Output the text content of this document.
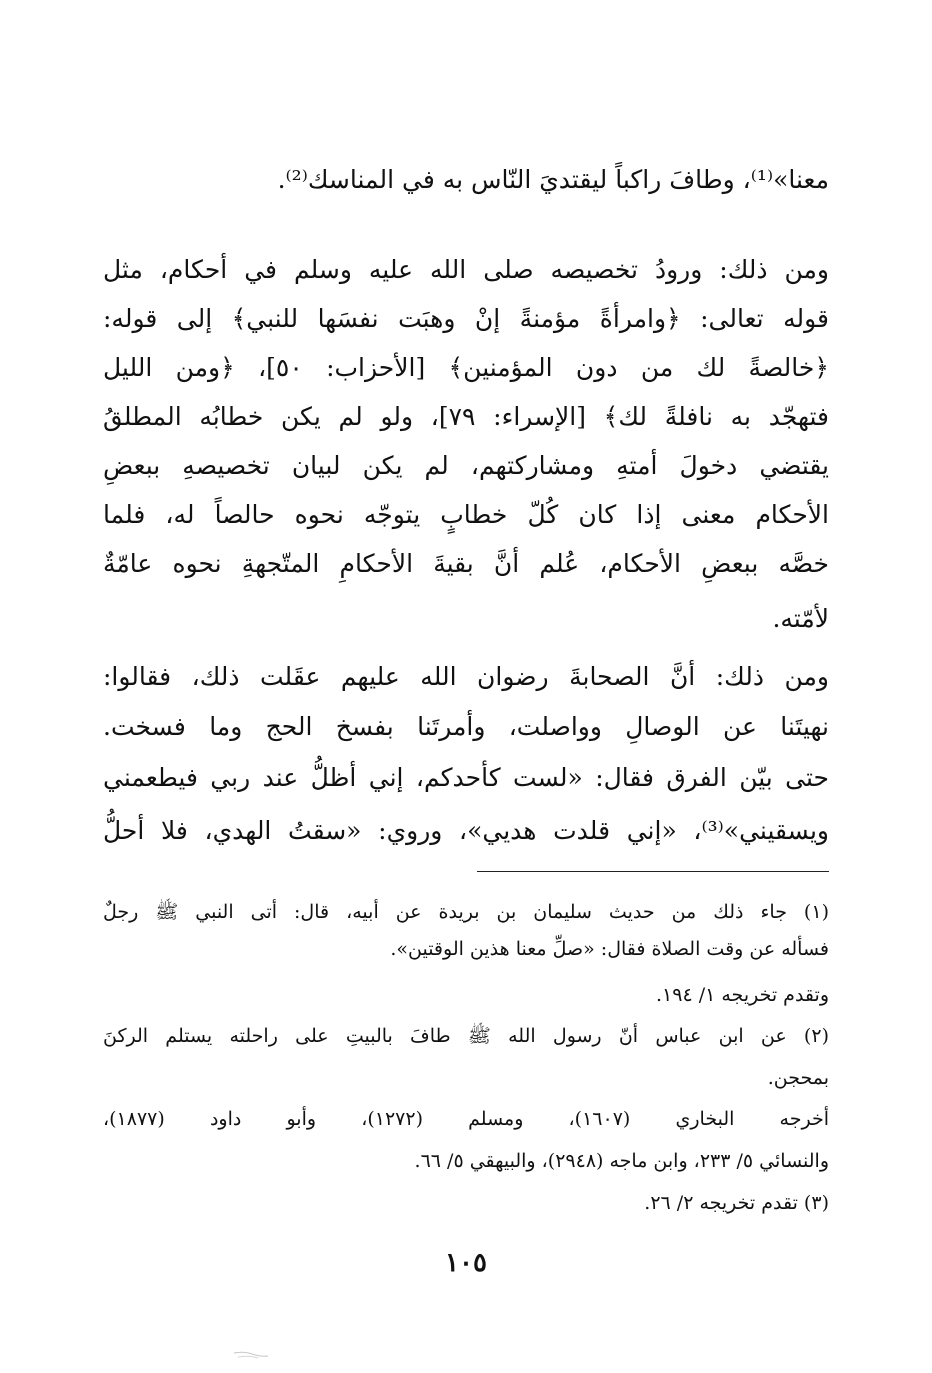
معنا»⁽¹⁾، وطافَ راكباً ليقتديَ النّاس به في المناسك⁽²⁾.
ومن ذلك: ورودُ تخصيصه صلى الله عليه وسلم في أحكام، مثل
قوله تعالى: ﴿وامرأةً مؤمنةً إنْ وهبَت نفسَها للنبي﴾ إلى قوله:
﴿خالصةً لك من دون المؤمنين﴾ [الأحزاب: ٥٠]، ﴿ومن الليل
فتهجّد به نافلةً لك﴾ [الإسراء: ٧٩]، ولو لم يكن خطابُه المطلقُ
يقتضي دخولَ أمتهِ ومشاركتهم، لم يكن لبيان تخصيصهِ ببعضِ
الأحكام معنى إذا كان كُلّ خطابٍ يتوجّه نحوه حالصاً له، فلما
خصَّه ببعضِ الأحكام، عُلم أنَّ بقيةَ الأحكامِ المتّجهةِ نحوه عامّةٌ
لأمّته.
ومن ذلك: أنَّ الصحابةَ رضوان الله عليهم عقَلت ذلك، فقالوا:
نهيتَنا عن الوصالِ وواصلت، وأمرتَنا بفسخ الحج وما فسخت.
حتى بيّن الفرق فقال: «لست كأحدكم، إني أظلُّ عند ربي فيطعمني
ويسقيني»⁽³⁾، «إني قلدت هديي»، وروي: «سقتُ الهدي، فلا أحلُّ
(١) جاء ذلك من حديث سليمان بن بريدة عن أبيه، قال: أتى النبي ﷺ رجلٌ
فسأله عن وقت الصلاة فقال: «صلِّ معنا هذين الوقتين».
وتقدم تخريجه ١/ ١٩٤.
(٢) عن ابن عباس أنّ رسول الله ﷺ طافَ بالبيتِ على راحلته يستلم الركنَ
بمحجن.
أخرجه البخاري (١٦٠٧)، ومسلم (١٢٧٢)، وأبو داود (١٨٧٧)،
والنسائي ٥/ ٢٣٣، وابن ماجه (٢٩٤٨)، والبيهقي ٥/ ٦٦.
(٣) تقدم تخريجه ٢/ ٢٦.
١٠٥
